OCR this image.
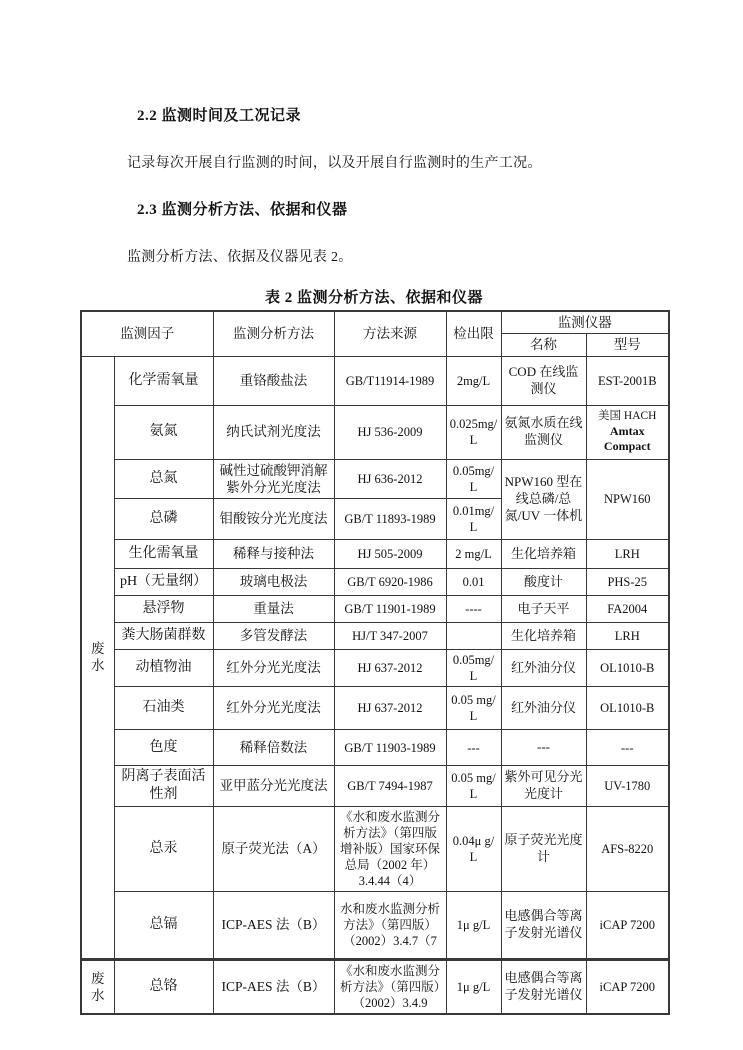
2.2 监测时间及工况记录

记录每次开展自行监测的时间，以及开展自行监测时的生产工况。

2.3 监测分析方法、依据和仪器

监测分析方法、依据及仪器见表 2。

表 2 监测分析方法、依据和仪器
监测因子		监测分析方法	方法来源	检出限	监测仪器	
					名称	型号
废水	化学需氧量	重铬酸盐法	GB/T11914-1989	2mg/L	COD 在线监测仪	EST-2001B
	氨氮	纳氏试剂光度法	HJ 536-2009	0.025mg/L	氨氮水质在线监测仪	美国 HACH
Amtax Compact

	总氮	碱性过硫酸钾消解紫外分光光度法	HJ 636-2012	0.05mg/L	NPW160 型在线总磷/总氮/UV 一体机	NPW160
	总磷	钼酸铵分光光度法	GB/T 11893-1989	0.01mg/L		
	生化需氧量	稀释与接种法	HJ 505-2009	2 mg/L	生化培养箱	LRH
	pH（无量纲）	玻璃电极法	GB/T 6920-1986	0.01	酸度计	PHS-25
	悬浮物	重量法	GB/T 11901-1989	----	电子天平	FA2004
	粪大肠菌群数	多管发酵法	HJ/T 347-2007		生化培养箱	LRH
	动植物油	红外分光光度法	HJ 637-2012	0.05mg/L	红外油分仪	OL1010-B
	石油类	红外分光光度法	HJ 637-2012	0.05 mg/L	红外油分仪	OL1010-B
	色度	稀释倍数法	GB/T 11903-1989	---	---	---
	阴离子表面活性剂	亚甲蓝分光光度法	GB/T 7494-1987	0.05 mg/L	紫外可见分光光度计	UV-1780
	总汞	原子荧光法（A）	《水和废水监测分析方法》（第四版增补版）国家环保总局（2002 年）3.4.44（4）	0.04μ g/L	原子荧光光度计	AFS-8220
	总镉	ICP-AES 法（B）	水和废水监测分析方法》（第四版）（2002）3.4.7（7	1μ g/L	电感偶合等离子发射光谱仪	iCAP 7200
废水	总铬	ICP-AES 法（B）	《水和废水监测分析方法》（第四版）（2002）3.4.9	1μ g/L	电感偶合等离子发射光谱仪	iCAP 7200
